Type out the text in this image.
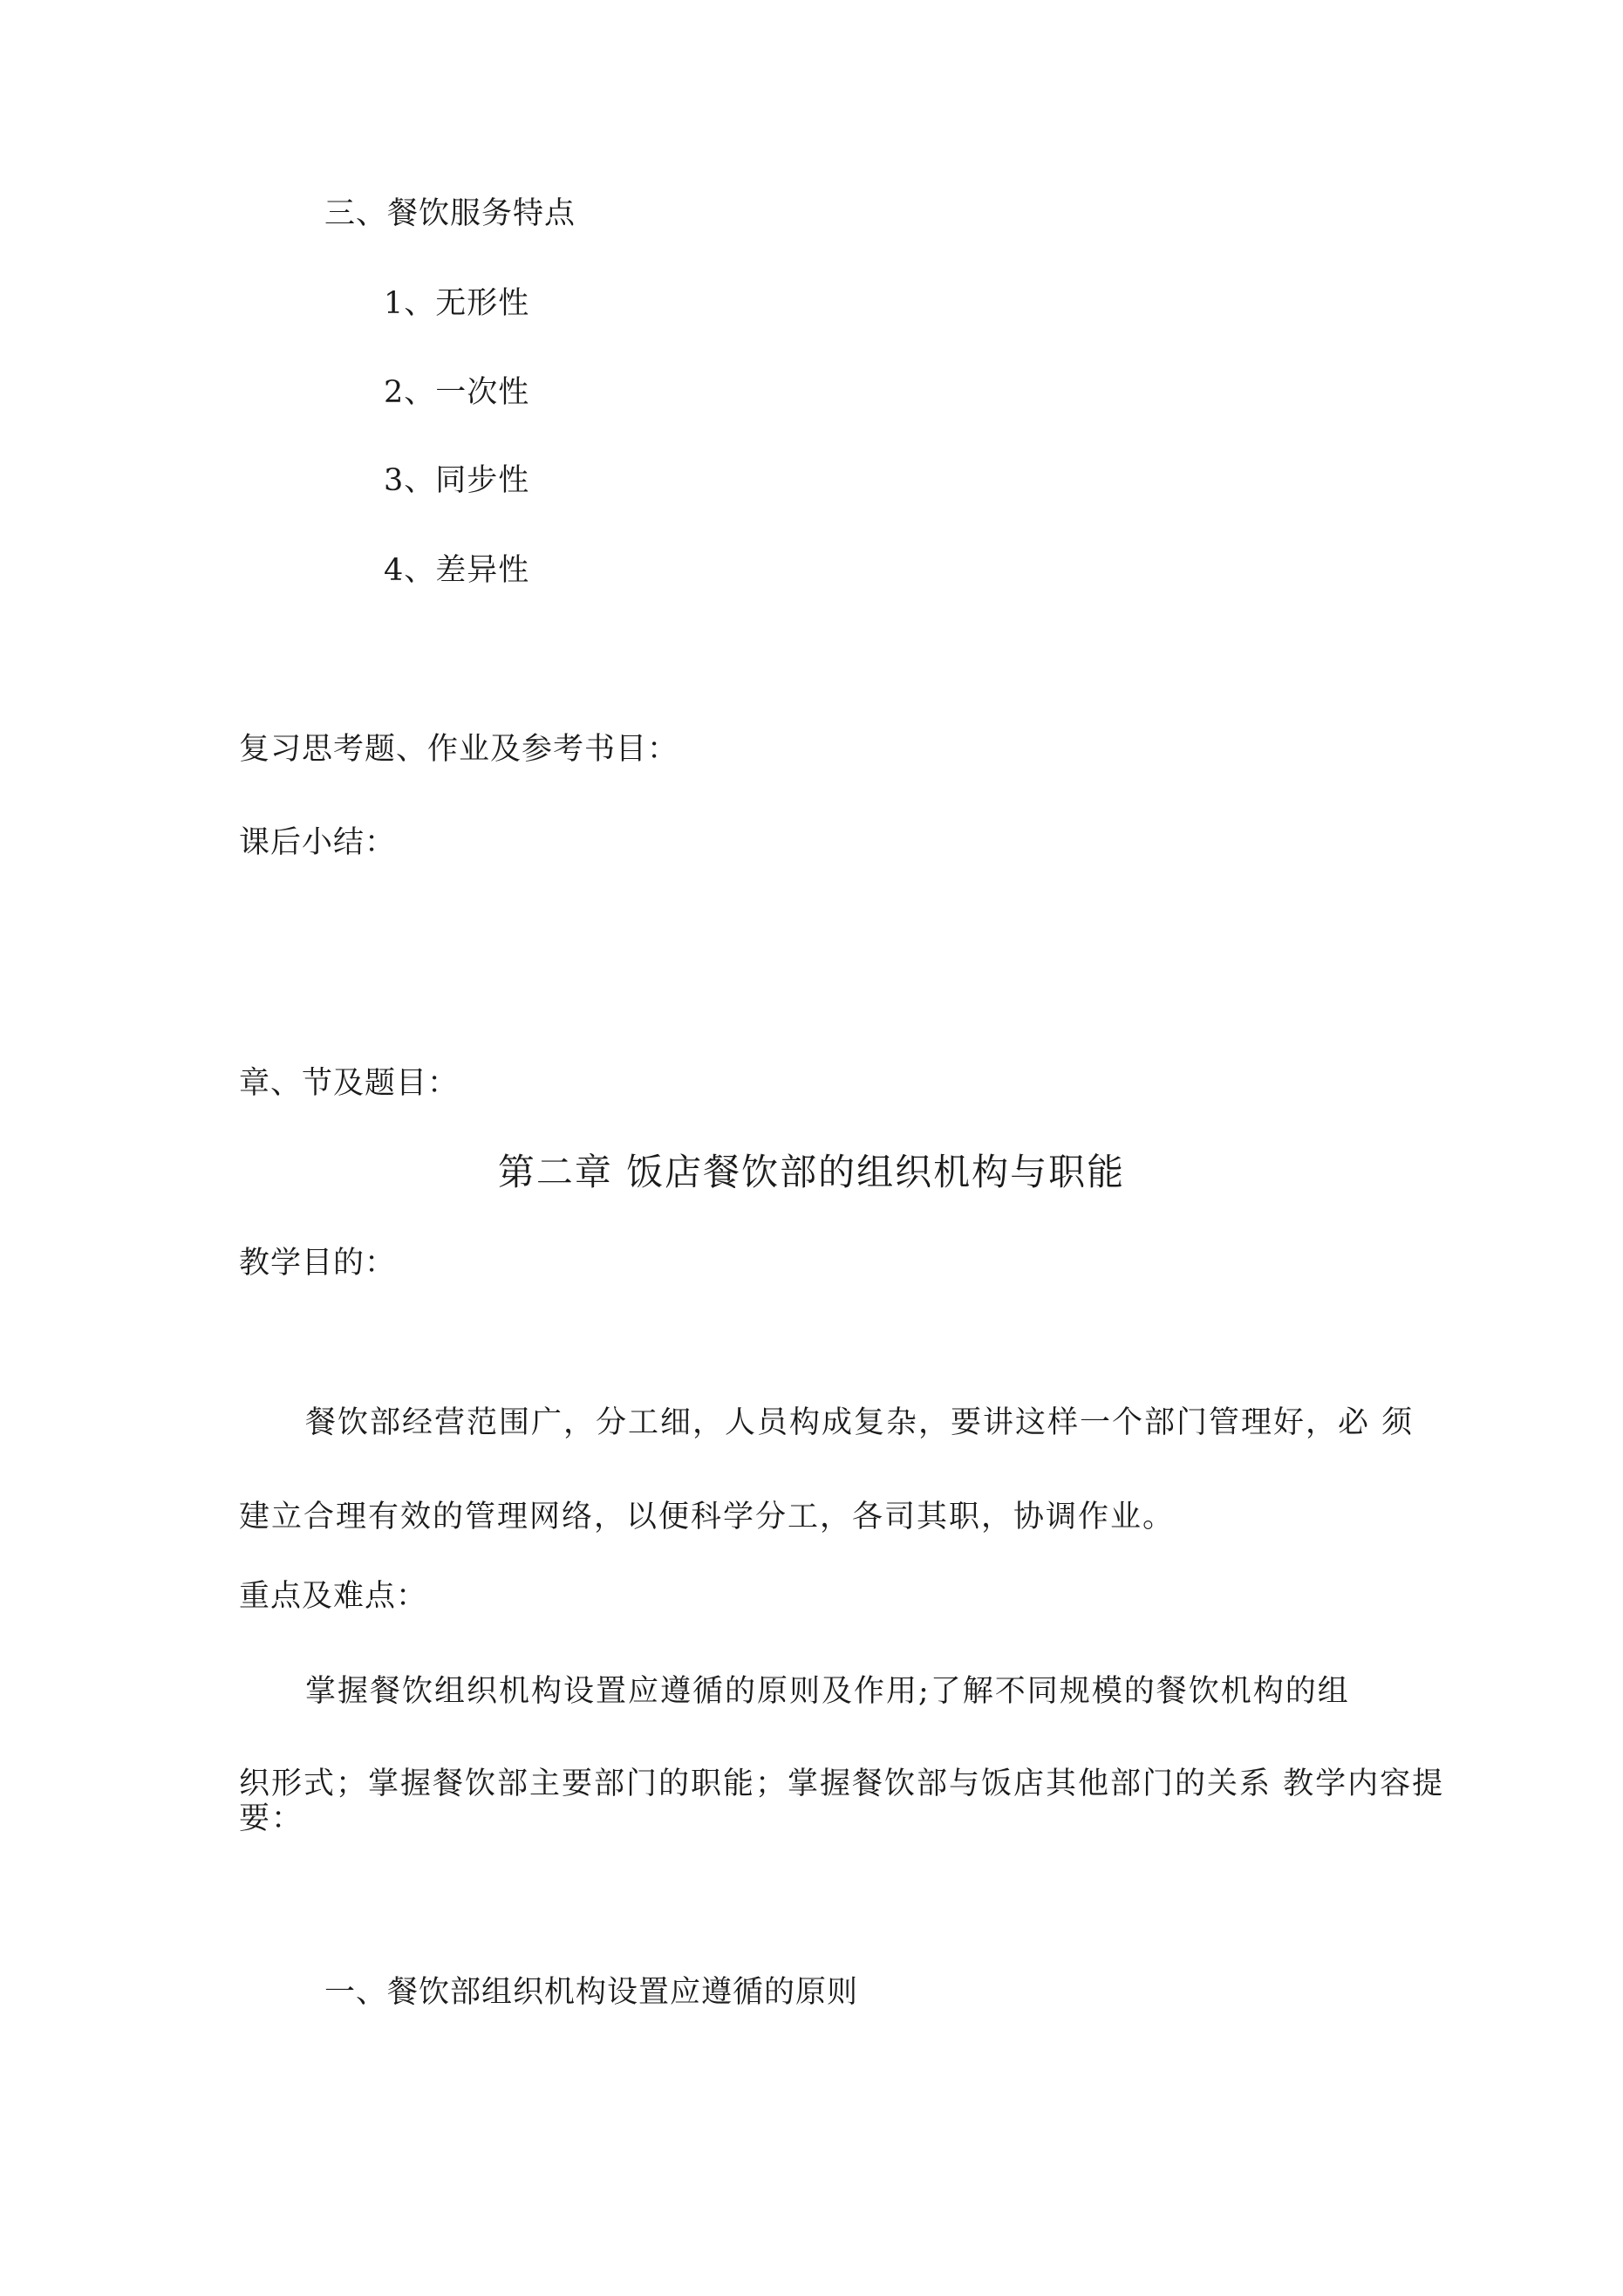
三、餐饮服务特点
1、无形性
2、一次性
3、同步性
4、差异性
复习思考题、作业及参考书目：
课后小结：
章、节及题目：
第二章 饭店餐饮部的组织机构与职能
教学目的：
餐饮部经营范围广，分工细，人员构成复杂，要讲这样一个部门管理好，必 须
建立合理有效的管理网络，以便科学分工，各司其职，协调作业。
重点及难点：
掌握餐饮组织机构设置应遵循的原则及作用;了解不同规模的餐饮机构的组
织形式；掌握餐饮部主要部门的职能；掌握餐饮部与饭店其他部门的关系 教学内容提
要：
一、餐饮部组织机构设置应遵循的原则
